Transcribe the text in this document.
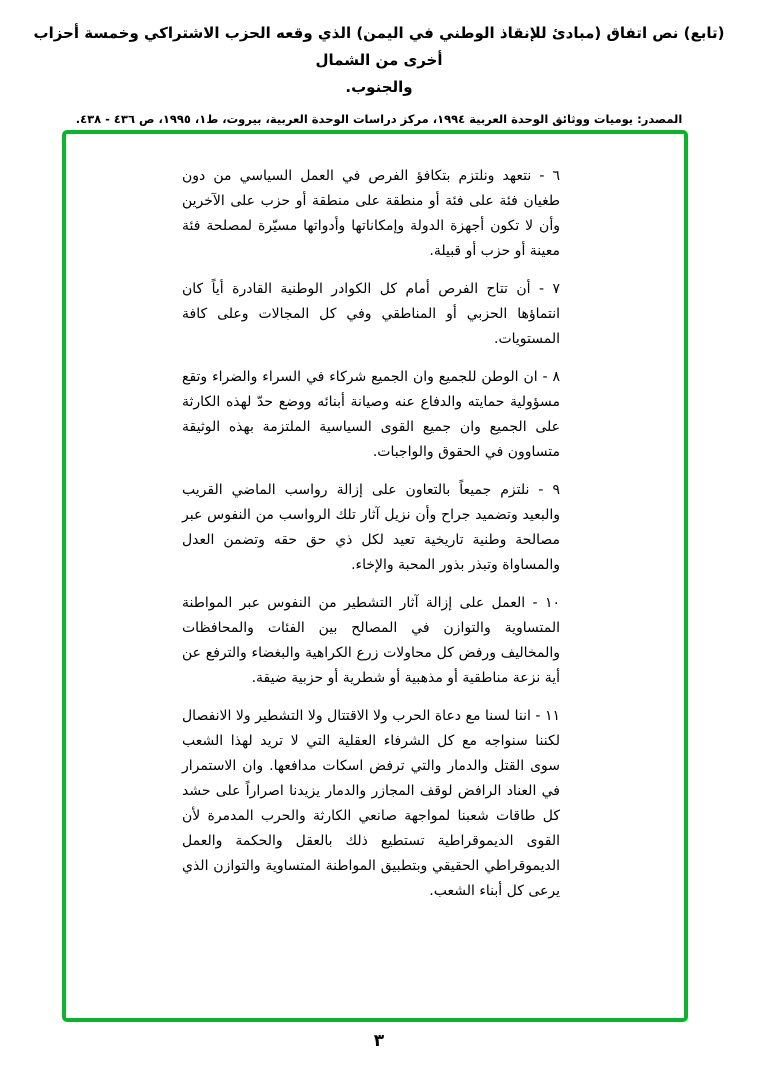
(تابع) نص اتفاق (مبادئ للإنقاذ الوطني في اليمن) الذي وقعه الحزب الاشتراكي وخمسة أحزاب أخرى من الشمال
والجنوب.
المصدر: يوميات ووثائق الوحدة العربية ١٩٩٤، مركز دراسات الوحدة العربية، بيروت، ط١، ١٩٩٥، ص ٤٣٦ - ٤٣٨.

٦ - نتعهد ونلتزم بتكافؤ الفرص في العمل السياسي من دون طغيان فئة على فئة أو منطقة على منطقة أو حزب على الآخرين وأن لا تكون أجهزة الدولة وإمكاناتها وأدواتها مسيّرة لمصلحة فئة معينة أو حزب أو قبيلة.

٧ - أن تتاح الفرص أمام كل الكوادر الوطنية القادرة أياً كان انتماؤها الحزبي أو المناطقي وفي كل المجالات وعلى كافة المستويات.

٨ - ان الوطن للجميع وان الجميع شركاء في السراء والضراء وتقع مسؤولية حمايته والدفاع عنه وصيانة أبنائه ووضع حدّ لهذه الكارثة على الجميع وان جميع القوى السياسية الملتزمة بهذه الوثيقة متساوون في الحقوق والواجبات.

٩ - نلتزم جميعاً بالتعاون على إزالة رواسب الماضي القريب والبعيد وتضميد جراح وأن نزيل آثار تلك الرواسب من النفوس عبر مصالحة وطنية تاريخية تعيد لكل ذي حق حقه وتضمن العدل والمساواة وتبذر بذور المحبة والإخاء.

١٠ - العمل على إزالة آثار التشطير من النفوس عبر المواطنة المتساوية والتوازن في المصالح بين الفئات والمحافظات والمخاليف ورفض كل محاولات زرع الكراهية والبغضاء والترفع عن أية نزعة مناطقية أو مذهبية أو شطرية أو حزبية ضيقة.

١١ - اننا لسنا مع دعاة الحرب ولا الاقتتال ولا التشطير ولا الانفصال لكننا سنواجه مع كل الشرفاء العقلية التي لا تريد لهذا الشعب سوى القتل والدمار والتي ترفض اسكات مدافعها. وان الاستمرار في العناد الرافض لوقف المجازر والدمار يزيدنا اصراراً على حشد كل طاقات شعبنا لمواجهة صانعي الكارثة والحرب المدمرة لأن القوى الديموقراطية تستطيع ذلك بالعقل والحكمة والعمل الديموقراطي الحقيقي وبتطبيق المواطنة المتساوية والتوازن الذي يرعى كل أبناء الشعب.

٣
